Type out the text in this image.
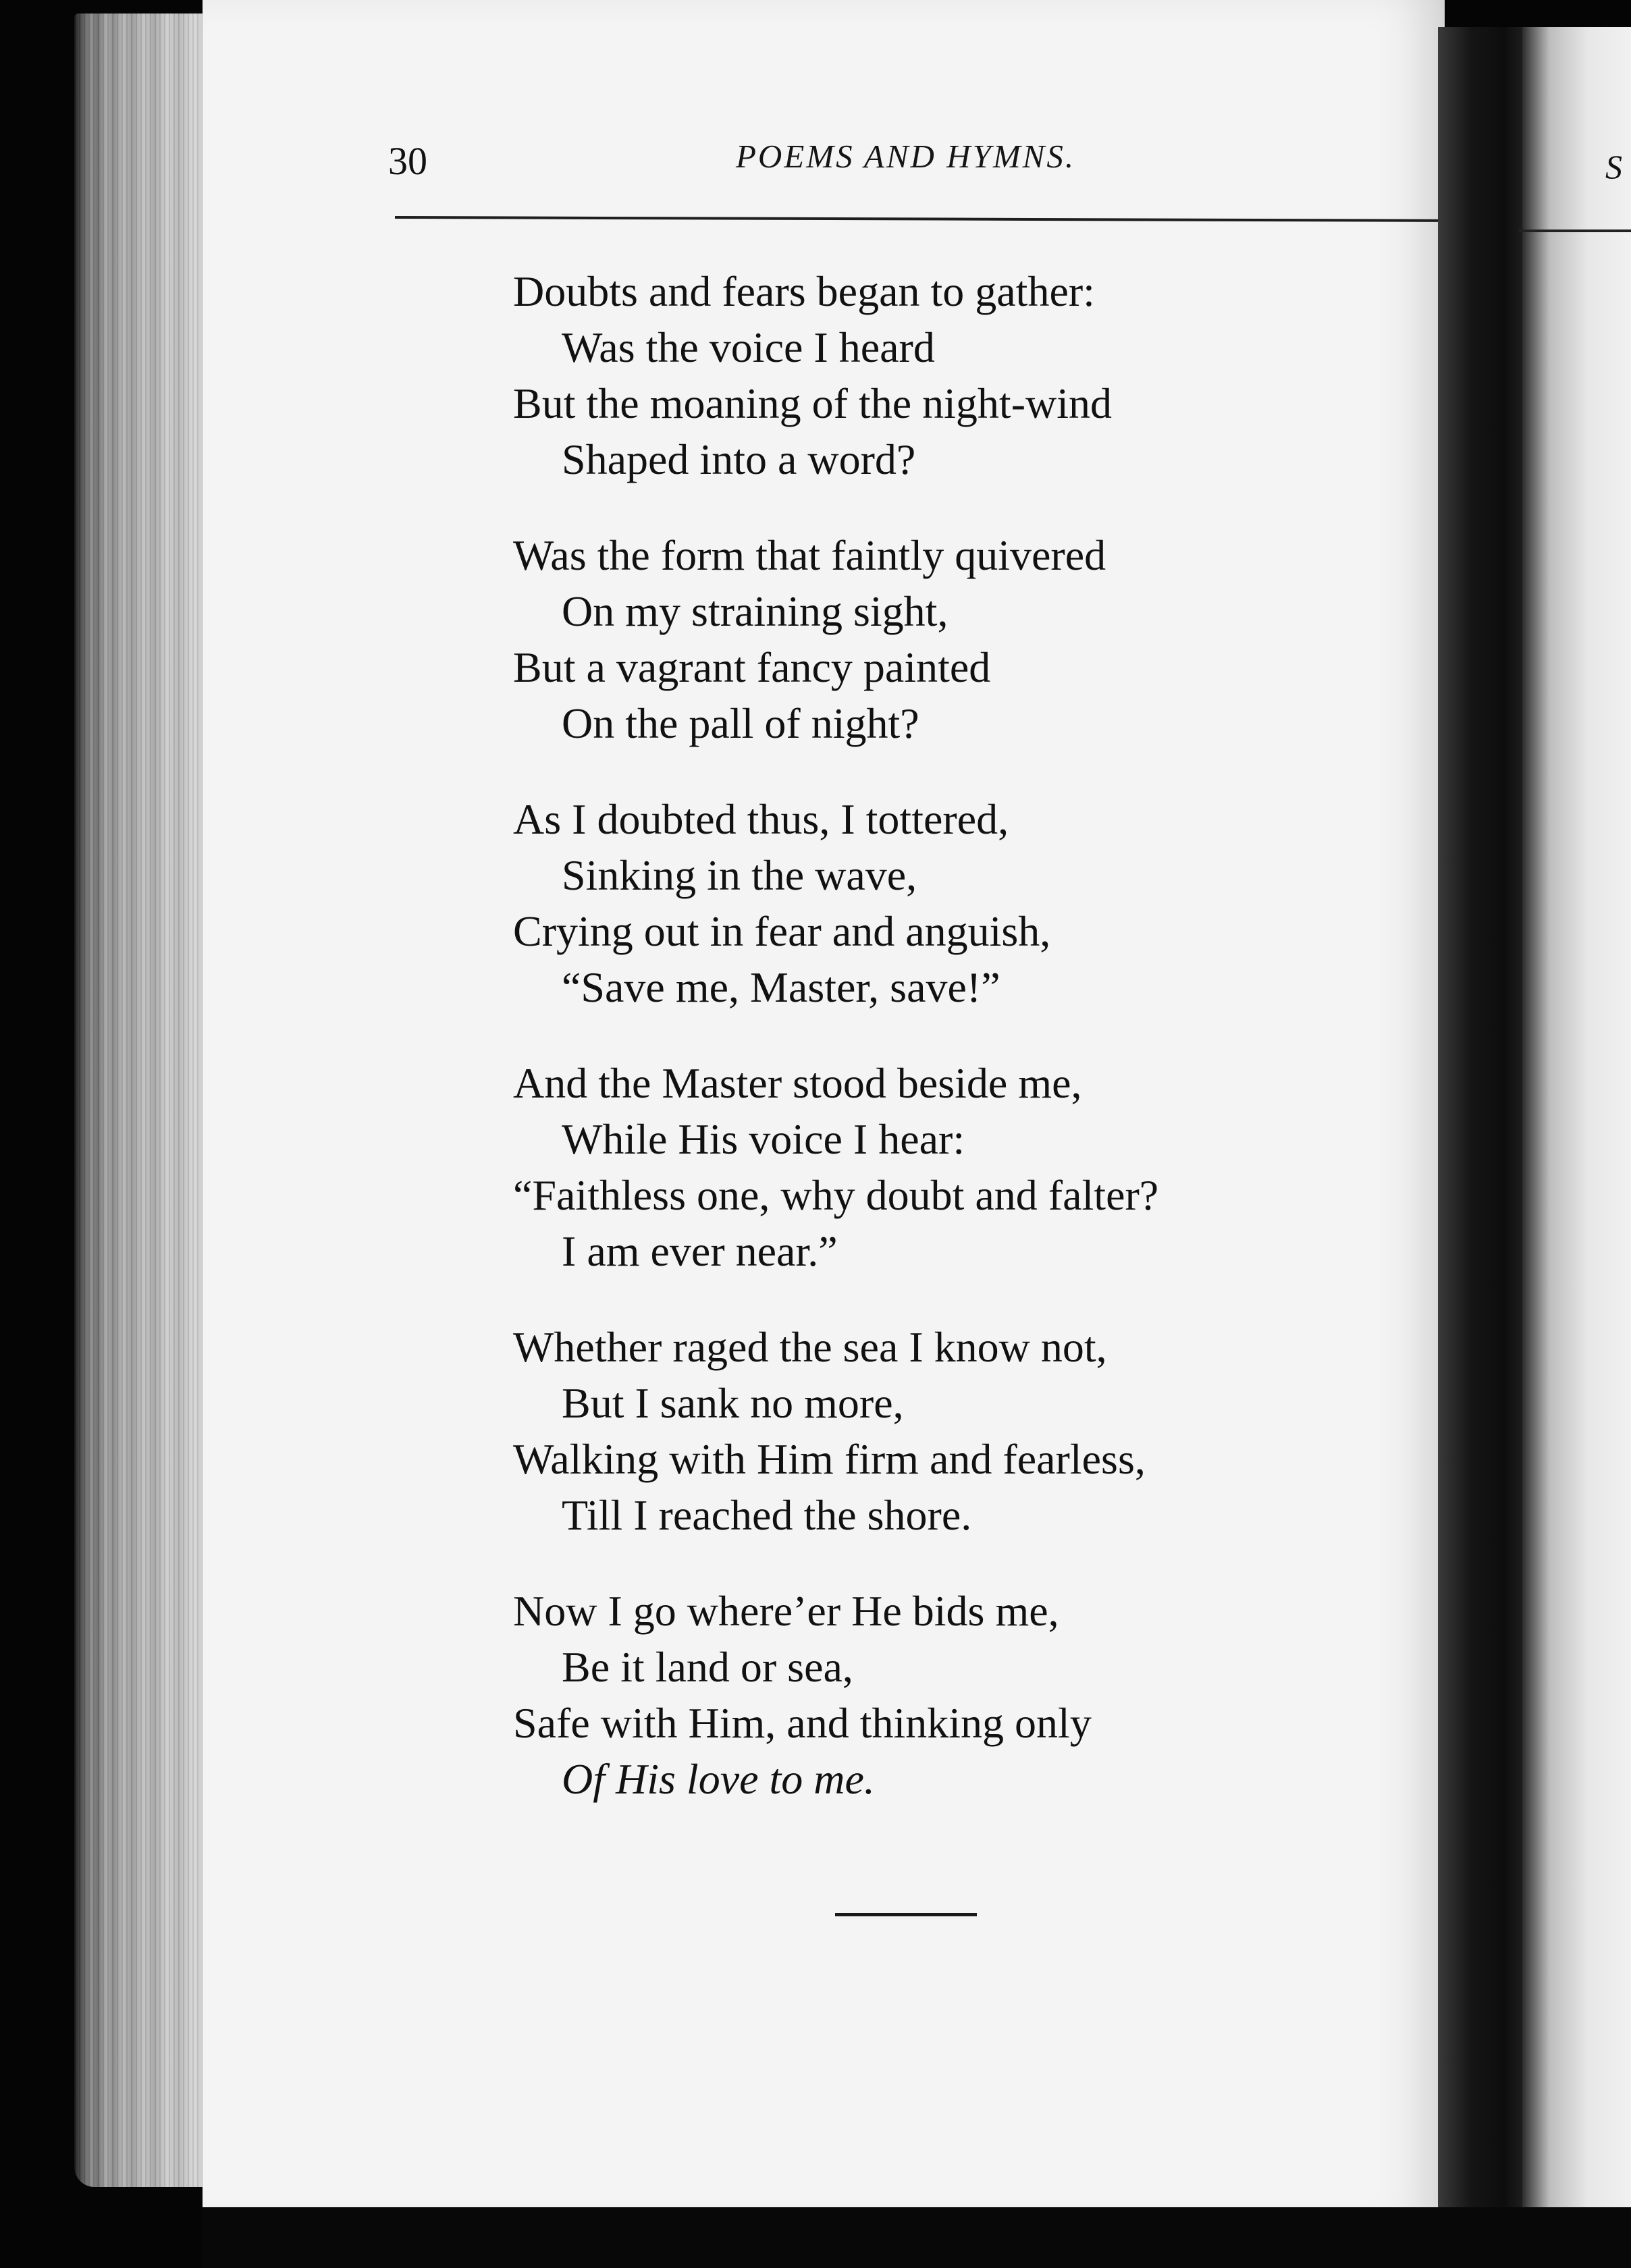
S
30	POEMS AND HYMNS.
Doubts and fears began to gather:
Was the voice I heard
But the moaning of the night-wind
Shaped into a word?
Was the form that faintly quivered
On my straining sight,
But a vagrant fancy painted
On the pall of night?
As I doubted thus, I tottered,
Sinking in the wave,
Crying out in fear and anguish,
“Save me, Master, save!”
And the Master stood beside me,
While His voice I hear:
“Faithless one, why doubt and falter?
I am ever near.”
Whether raged the sea I know not,
But I sank no more,
Walking with Him firm and fearless,
Till I reached the shore.
Now I go where’er He bids me,
Be it land or sea,
Safe with Him, and thinking only
Of His love to me.
